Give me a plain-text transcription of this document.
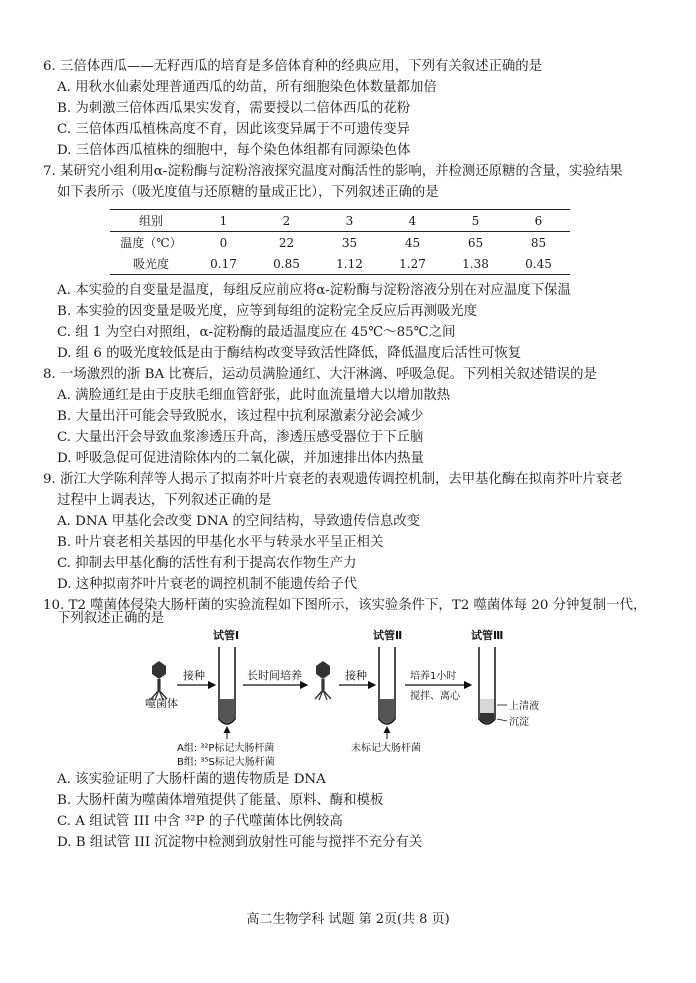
6. 三倍体西瓜——无籽西瓜的培育是多倍体育种的经典应用，下列有关叙述正确的是
A. 用秋水仙素处理普通西瓜的幼苗，所有细胞染色体数量都加倍
B. 为刺激三倍体西瓜果实发育，需要授以二倍体西瓜的花粉
C. 三倍体西瓜植株高度不育，因此该变异属于不可遗传变异
D. 三倍体西瓜植株的细胞中，每个染色体组都有同源染色体
7. 某研究小组利用α-淀粉酶与淀粉溶液探究温度对酶活性的影响，并检测还原糖的含量，实验结果
如下表所示（吸光度值与还原糖的量成正比），下列叙述正确的是
组别	1	2	3	4	5	6
温度（℃）	0	22	35	45	65	85
吸光度	0.17	0.85	1.12	1.27	1.38	0.45
A. 本实验的自变量是温度，每组反应前应将α-淀粉酶与淀粉溶液分别在对应温度下保温
B. 本实验的因变量是吸光度，应等到每组的淀粉完全反应后再测吸光度
C. 组 1 为空白对照组，α-淀粉酶的最适温度应在 45℃～85℃之间
D. 组 6 的吸光度较低是由于酶结构改变导致活性降低，降低温度后活性可恢复
8. 一场激烈的浙 BA 比赛后，运动员满脸通红、大汗淋漓、呼吸急促。下列相关叙述错误的是
A. 满脸通红是由于皮肤毛细血管舒张，此时血流量增大以增加散热
B. 大量出汗可能会导致脱水，该过程中抗利尿激素分泌会减少
C. 大量出汗会导致血浆渗透压升高，渗透压感受器位于下丘脑
D. 呼吸急促可促进清除体内的二氧化碳，并加速排出体内热量
9. 浙江大学陈利萍等人揭示了拟南芥叶片衰老的表观遗传调控机制，去甲基化酶在拟南芥叶片衰老
过程中上调表达，下列叙述正确的是
A. DNA 甲基化会改变 DNA 的空间结构，导致遗传信息改变
B. 叶片衰老相关基因的甲基化水平与转录水平呈正相关
C. 抑制去甲基化酶的活性有利于提高农作物生产力
D. 这种拟南芥叶片衰老的调控机制不能遗传给子代
10. T2 噬菌体侵染大肠杆菌的实验流程如下图所示，该实验条件下，T2 噬菌体每 20 分钟复制一代，
下列叙述正确的是
噬菌体
接种
试管Ⅰ
A组: ³²P标记大肠杆菌
B组: ³⁵S标记大肠杆菌
长时间培养	接种
试管Ⅱ
未标记大肠杆菌
培养1小时
搅拌、离心
试管Ⅲ
上清液
沉淀
A. 该实验证明了大肠杆菌的遗传物质是 DNA
B. 大肠杆菌为噬菌体增殖提供了能量、原料、酶和模板
C. A 组试管 III 中含 ³²P 的子代噬菌体比例较高
D. B 组试管 III 沉淀物中检测到放射性可能与搅拌不充分有关
高二生物学科 试题 第 2页(共 8 页)
